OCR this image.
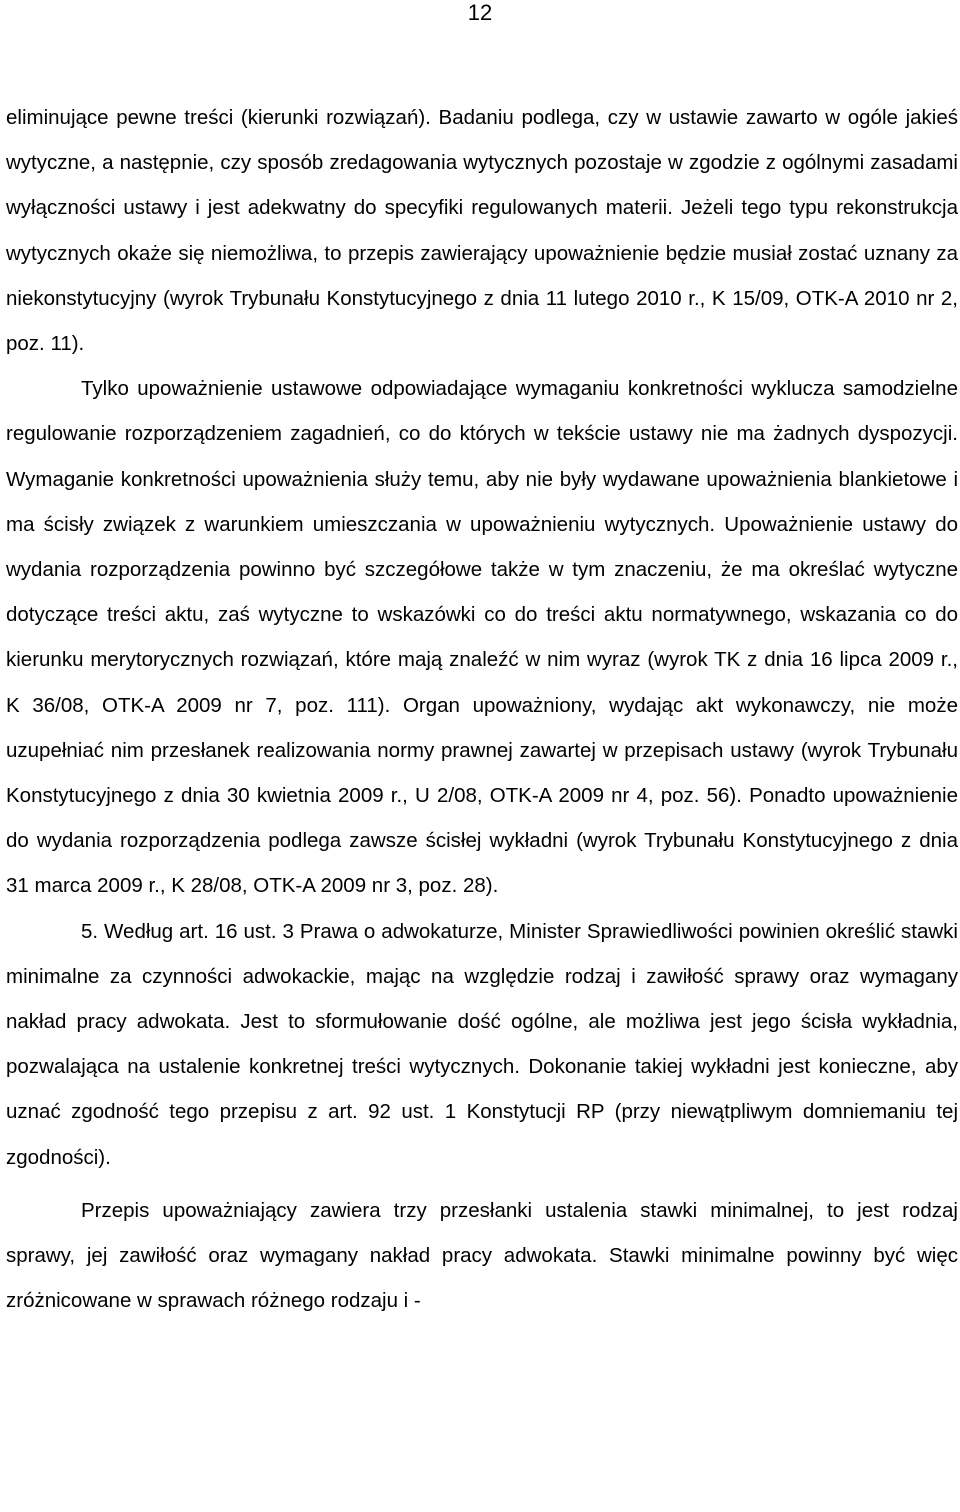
12

eliminujące pewne treści (kierunki rozwiązań). Badaniu podlega, czy w ustawie zawarto w ogóle jakieś wytyczne, a następnie, czy sposób zredagowania wytycznych pozostaje w zgodzie z ogólnymi zasadami wyłączności ustawy i jest adekwatny do specyfiki regulowanych materii. Jeżeli tego typu rekonstrukcja wytycznych okaże się niemożliwa, to przepis zawierający upoważnienie będzie musiał zostać uznany za niekonstytucyjny (wyrok Trybunału Konstytucyjnego z dnia 11 lutego 2010 r., K 15/09, OTK-A 2010 nr 2, poz. 11).

Tylko upoważnienie ustawowe odpowiadające wymaganiu konkretności wyklucza samodzielne regulowanie rozporządzeniem zagadnień, co do których w tekście ustawy nie ma żadnych dyspozycji. Wymaganie konkretności upoważnienia służy temu, aby nie były wydawane upoważnienia blankietowe i ma ścisły związek z warunkiem umieszczania w upoważnieniu wytycznych. Upoważnienie ustawy do wydania rozporządzenia powinno być szczegółowe także w tym znaczeniu, że ma określać wytyczne dotyczące treści aktu, zaś wytyczne to wskazówki co do treści aktu normatywnego, wskazania co do kierunku merytorycznych rozwiązań, które mają znaleźć w nim wyraz (wyrok TK z dnia 16 lipca 2009 r., K 36/08, OTK-A 2009 nr 7, poz. 111). Organ upoważniony, wydając akt wykonawczy, nie może uzupełniać nim przesłanek realizowania normy prawnej zawartej w przepisach ustawy (wyrok Trybunału Konstytucyjnego z dnia 30 kwietnia 2009 r., U 2/08, OTK-A 2009 nr 4, poz. 56). Ponadto upoważnienie do wydania rozporządzenia podlega zawsze ścisłej wykładni (wyrok Trybunału Konstytucyjnego z dnia 31 marca 2009 r., K 28/08, OTK-A 2009 nr 3, poz. 28).

5. Według art. 16 ust. 3 Prawa o adwokaturze, Minister Sprawiedliwości powinien określić stawki minimalne za czynności adwokackie, mając na względzie rodzaj i zawiłość sprawy oraz wymagany nakład pracy adwokata. Jest to sformułowanie dość ogólne, ale możliwa jest jego ścisła wykładnia, pozwalająca na ustalenie konkretnej treści wytycznych. Dokonanie takiej wykładni jest konieczne, aby uznać zgodność tego przepisu z art. 92 ust. 1 Konstytucji RP (przy niewątpliwym domniemaniu tej zgodności).

Przepis upoważniający zawiera trzy przesłanki ustalenia stawki minimalnej, to jest rodzaj sprawy, jej zawiłość oraz wymagany nakład pracy adwokata. Stawki minimalne powinny być więc zróżnicowane w sprawach różnego rodzaju i -
